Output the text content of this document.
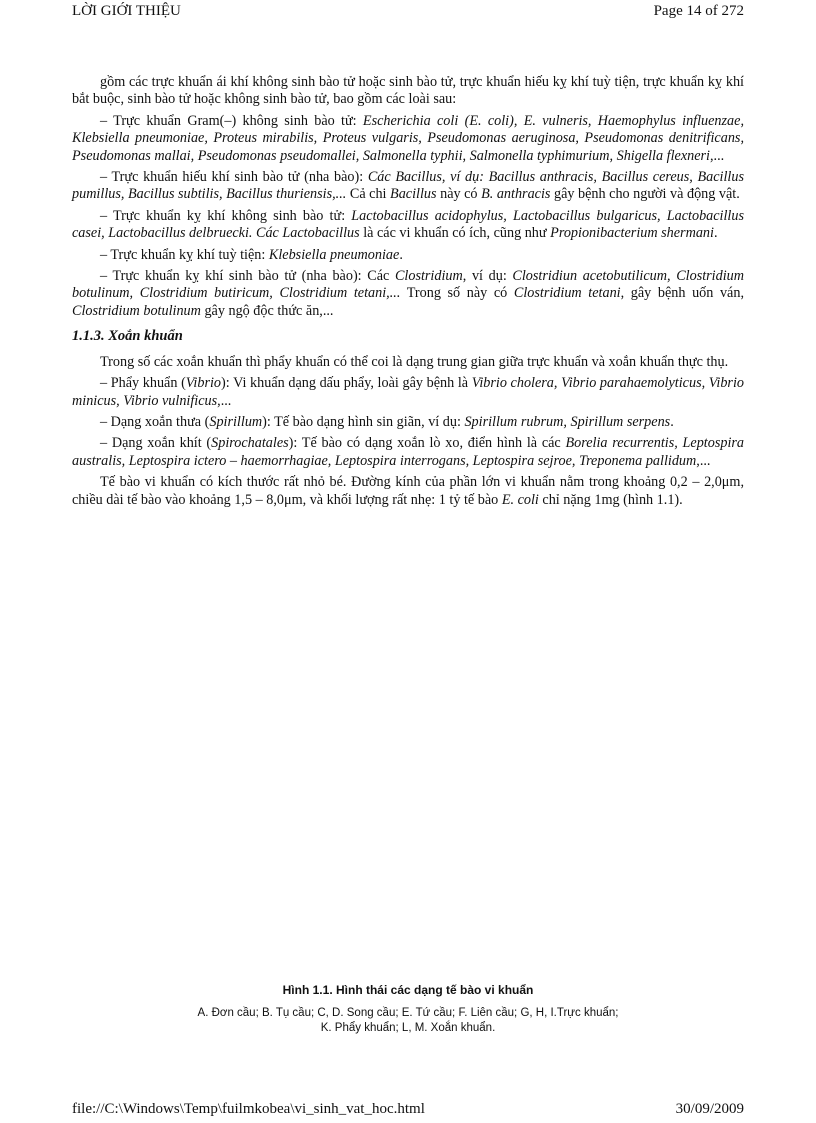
LỜI GIỚI THIỆU	Page 14 of 272

gồm các trực khuẩn ái khí không sinh bào tử hoặc sinh bào tử, trực khuẩn hiếu kỵ khí tuỳ tiện, trực khuẩn kỵ khí bắt buộc, sinh bào tử hoặc không sinh bào tử, bao gồm các loài sau:

– Trực khuẩn Gram(–) không sinh bào tử: Escherichia coli (E. coli), E. vulneris, Haemophylus influenzae, Klebsiella pneumoniae, Proteus mirabilis, Proteus vulgaris, Pseudomonas aeruginosa, Pseudomonas denitrificans, Pseudomonas mallai, Pseudomonas pseudomallei, Salmonella typhii, Salmonella typhimurium, Shigella flexneri,...

– Trực khuẩn hiếu khí sinh bào tử (nha bào): Các Bacillus, ví dụ: Bacillus anthracis, Bacillus cereus, Bacillus pumillus, Bacillus subtilis, Bacillus thuriensis,... Cả chi Bacillus này có B. anthracis gây bệnh cho người và động vật.

– Trực khuẩn kỵ khí không sinh bào tử: Lactobacillus acidophylus, Lactobacillus bulgaricus, Lactobacillus casei, Lactobacillus delbruecki. Các Lactobacillus là các vi khuẩn có ích, cũng như Propionibacterium shermani.

– Trực khuẩn kỵ khí tuỳ tiện: Klebsiella pneumoniae.

– Trực khuẩn kỵ khí sinh bào tử (nha bào): Các Clostridium, ví dụ: Clostridiun acetobutilicum, Clostridium botulinum, Clostridium butiricum, Clostridium tetani,... Trong số này có Clostridium tetani, gây bệnh uốn ván, Clostridium botulinum gây ngộ độc thức ăn,...

1.1.3. Xoắn khuẩn

Trong số các xoắn khuẩn thì phẩy khuẩn có thể coi là dạng trung gian giữa trực khuẩn và xoắn khuẩn thực thụ.

– Phẩy khuẩn (Vibrio): Vi khuẩn dạng dấu phẩy, loài gây bệnh là Vibrio cholera, Vibrio parahaemolyticus, Vibrio minicus, Vibrio vulnificus,...

– Dạng xoắn thưa (Spirillum): Tế bào dạng hình sin giãn, ví dụ: Spirillum rubrum, Spirillum serpens.

– Dạng xoắn khít (Spirochatales): Tế bào có dạng xoắn lò xo, điển hình là các Borelia recurrentis, Leptospira australis, Leptospira ictero – haemorrhagiae, Leptospira interrogans, Leptospira sejroe, Treponema pallidum,...

Tế bào vi khuẩn có kích thước rất nhỏ bé. Đường kính của phần lớn vi khuẩn nằm trong khoảng 0,2 – 2,0μm, chiều dài tế bào vào khoảng 1,5 – 8,0μm, và khối lượng rất nhẹ: 1 tỷ tế bào E. coli chỉ nặng 1mg (hình 1.1).

Hình 1.1. Hình thái các dạng tế bào vi khuẩn
A. Đơn cầu; B. Tụ cầu; C, D. Song cầu; E. Tứ cầu; F. Liên cầu; G, H, I.Trực khuẩn;
K. Phẩy khuẩn; L, M. Xoắn khuẩn.
file://C:\Windows\Temp\fuilmkobea\vi_sinh_vat_hoc.html	30/09/2009
